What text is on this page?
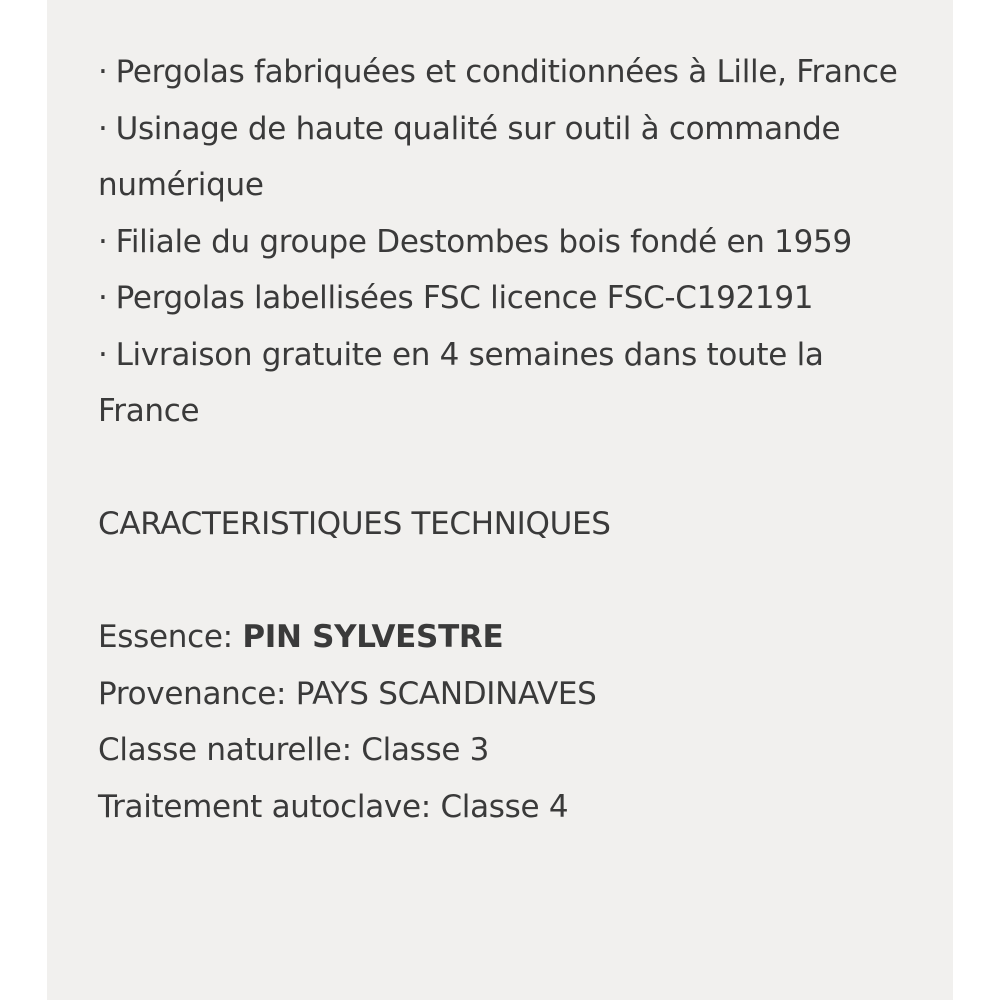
· Pergolas fabriquées et conditionnées à Lille, France
· Usinage de haute qualité sur outil à commande numérique
· Filiale du groupe Destombes bois fondé en 1959
· Pergolas labellisées FSC licence FSC-C192191
· Livraison gratuite en 4 semaines dans toute la France
CARACTERISTIQUES TECHNIQUES
Essence: PIN SYLVESTRE
Provenance: PAYS SCANDINAVES
Classe naturelle: Classe 3
Traitement autoclave: Classe 4
